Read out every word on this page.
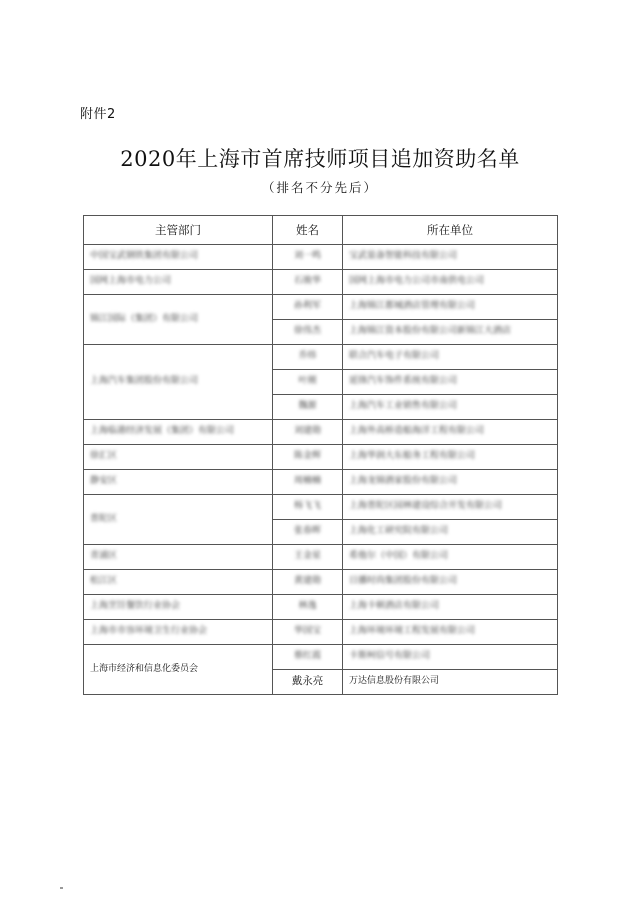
附件2
2020年上海市首席技师项目追加资助名单
（排名不分先后）
主管部门	姓名	所在单位
中国宝武钢铁集团有限公司	刘一鸣	宝武装备智能科技有限公司
国网上海市电力公司	石骏华	国网上海市电力公司市南供电公司
锦江国际（集团）有限公司	孙利军	上海锦江都城酒店管理有限公司
	徐伟杰	上海锦江资本股份有限公司新锦江大酒店
上海汽车集团股份有限公司	乔炜	联合汽车电子有限公司
	叶刚	延锋汽车饰件系统有限公司
	魏源	上海汽车工业销售有限公司
上海临港经济发展（集团）有限公司	刘建勋	上海外高桥造船海洋工程有限公司
徐汇区	陈金辉	上海华润大东船务工程有限公司
静安区	周楠楠	上海龙锦酒家股份有限公司
普陀区	杨飞飞	上海普陀区园林建设综合开发有限公司
	张春晖	上海化工研究院有限公司
青浦区	王金星	希他尔（中国）有限公司
松江区	黄建勋	日播时尚集团股份有限公司
上海烹饪餐饮行业协会	林逸	上海卡顿酒店有限公司
上海市市容环境卫生行业协会	华国宝	上海环境环境工程发展有限公司
上海市经济和信息化委员会	蔡红霞	卡斯柯信号有限公司
	戴永亮	万达信息股份有限公司
